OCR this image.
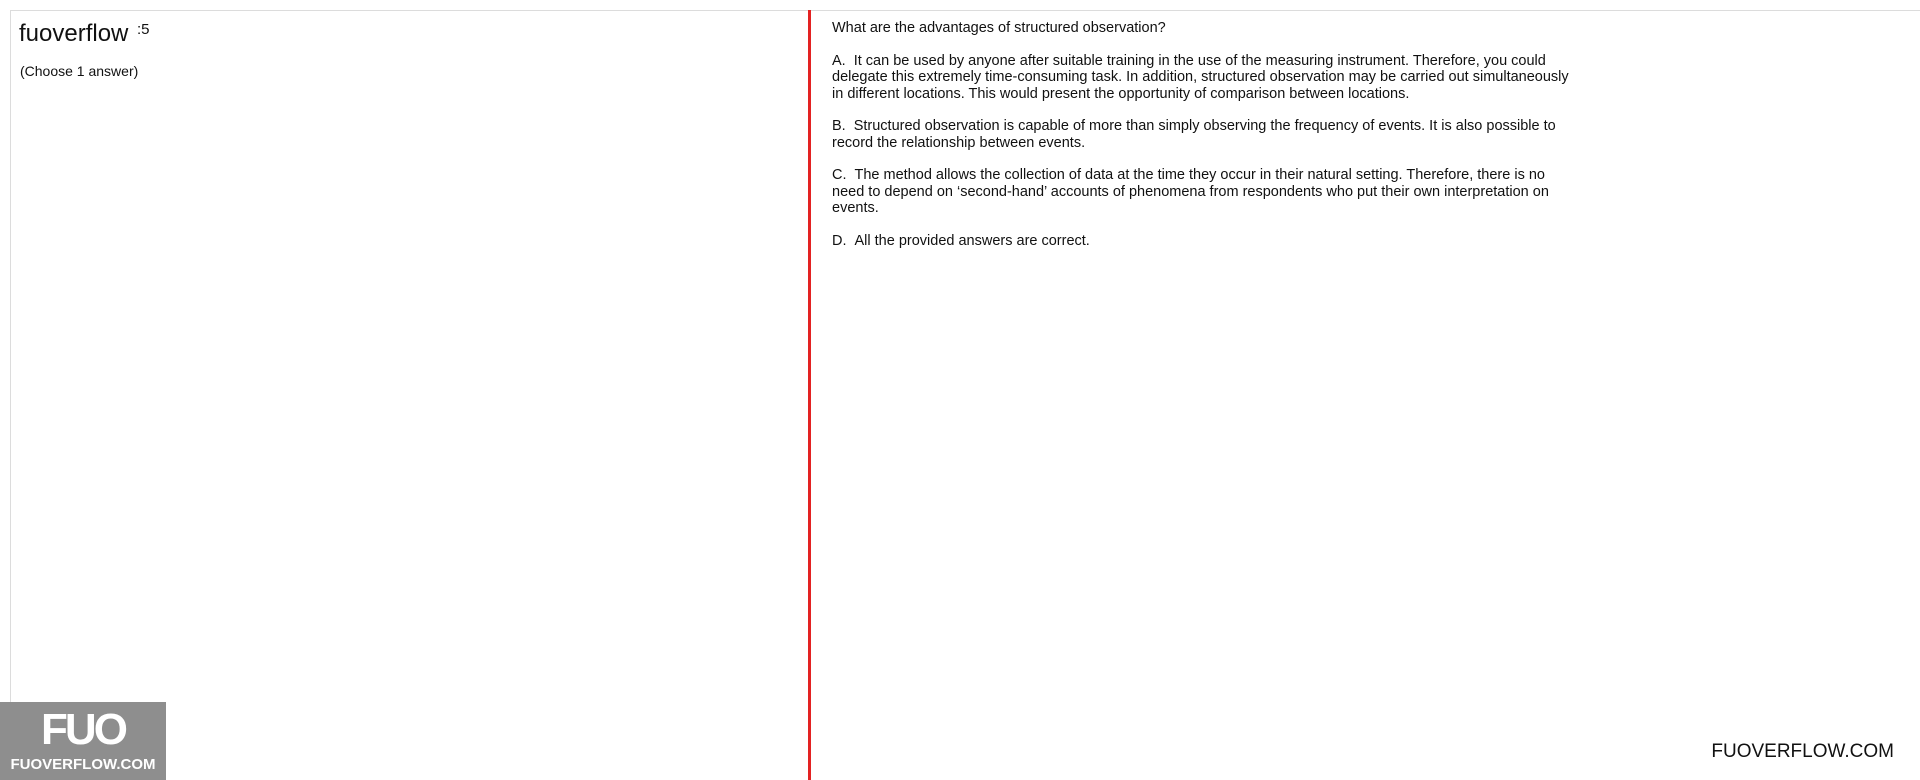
:5
fuoverflow
(Choose 1 answer)

What are the advantages of structured observation?

A. It can be used by anyone after suitable training in the use of the measuring instrument. Therefore, you could delegate this extremely time-consuming task. In addition, structured observation may be carried out simultaneously in different locations. This would present the opportunity of comparison between locations.

B. Structured observation is capable of more than simply observing the frequency of events. It is also possible to record the relationship between events.

C. The method allows the collection of data at the time they occur in their natural setting. Therefore, there is no need to depend on ‘second-hand’ accounts of phenomena from respondents who put their own interpretation on events.

D. All the provided answers are correct.

FUO
FUOVERFLOW.COM
FUOVERFLOW.COM
